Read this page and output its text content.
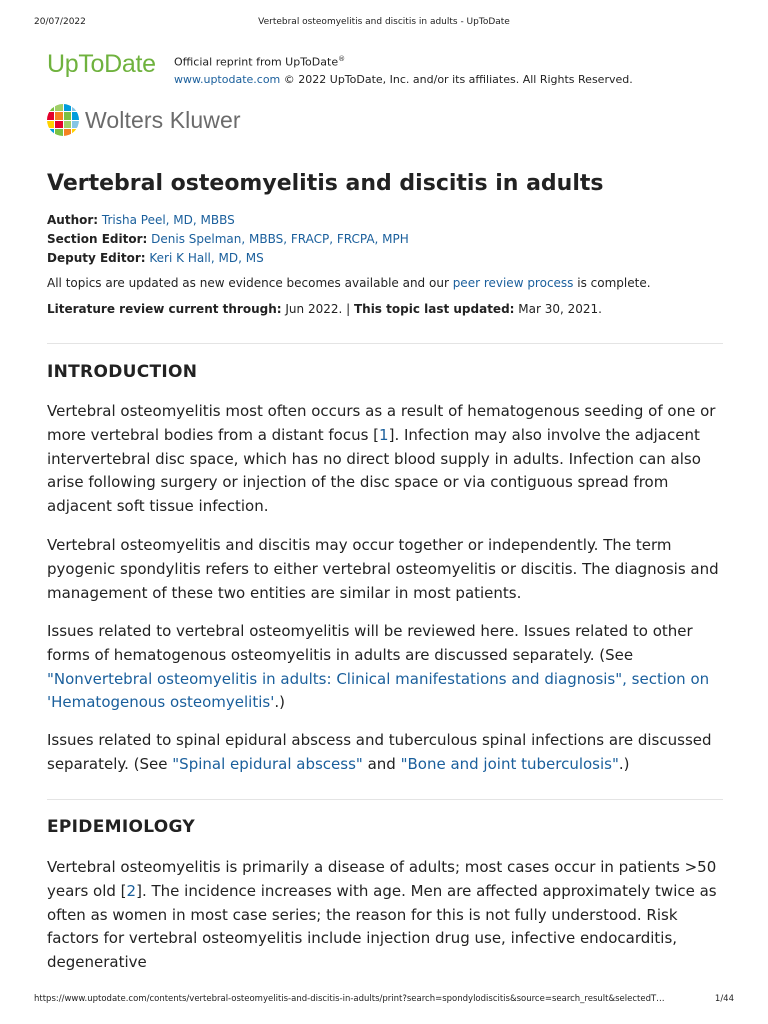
20/07/2022	Vertebral osteomyelitis and discitis in adults - UpToDate
UpToDate Official reprint from UpToDate®
www.uptodate.com © 2022 UpToDate, Inc. and/or its affiliates. All Rights Reserved.
Wolters Kluwer
Vertebral osteomyelitis and discitis in adults
Author: Trisha Peel, MD, MBBS
Section Editor: Denis Spelman, MBBS, FRACP, FRCPA, MPH
Deputy Editor: Keri K Hall, MD, MS
All topics are updated as new evidence becomes available and our peer review process is complete.
Literature review current through: Jun 2022. | This topic last updated: Mar 30, 2021.
INTRODUCTION

Vertebral osteomyelitis most often occurs as a result of hematogenous seeding of one or more vertebral bodies from a distant focus [1]. Infection may also involve the adjacent intervertebral disc space, which has no direct blood supply in adults. Infection can also arise following surgery or injection of the disc space or via contiguous spread from adjacent soft tissue infection.

Vertebral osteomyelitis and discitis may occur together or independently. The term pyogenic spondylitis refers to either vertebral osteomyelitis or discitis. The diagnosis and management of these two entities are similar in most patients.

Issues related to vertebral osteomyelitis will be reviewed here. Issues related to other forms of hematogenous osteomyelitis in adults are discussed separately. (See "Nonvertebral osteomyelitis in adults: Clinical manifestations and diagnosis", section on 'Hematogenous osteomyelitis'.)

Issues related to spinal epidural abscess and tuberculous spinal infections are discussed separately. (See "Spinal epidural abscess" and "Bone and joint tuberculosis".)

EPIDEMIOLOGY

Vertebral osteomyelitis is primarily a disease of adults; most cases occur in patients >50 years old [2]. The incidence increases with age. Men are affected approximately twice as often as women in most case series; the reason for this is not fully understood. Risk factors for vertebral osteomyelitis include injection drug use, infective endocarditis, degenerative

https://www.uptodate.com/contents/vertebral-osteomyelitis-and-discitis-in-adults/print?search=spondylodiscitis&source=search_result&selectedT…	1/44
